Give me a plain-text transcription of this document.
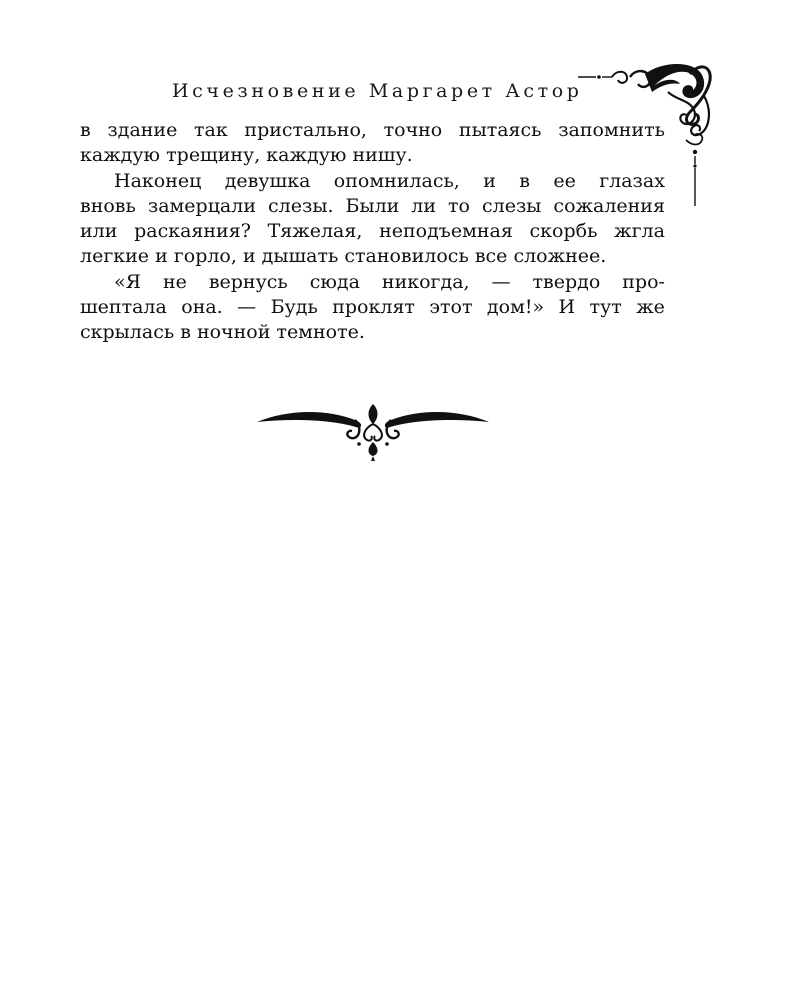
Исчезновение Маргарет Астор
в здание так пристально, точно пытаясь запомнить
каждую трещину, каждую нишу.
Наконец девушка опомнилась, и в ее глазах
вновь замерцали слезы. Были ли то слезы сожаления
или раскаяния? Тяжелая, неподъемная скорбь жгла
легкие и горло, и дышать становилось все сложнее.
«Я не вернусь сюда никогда, — твердо про-
шептала она. — Будь проклят этот дом!» И тут же
скрылась в ночной темноте.
